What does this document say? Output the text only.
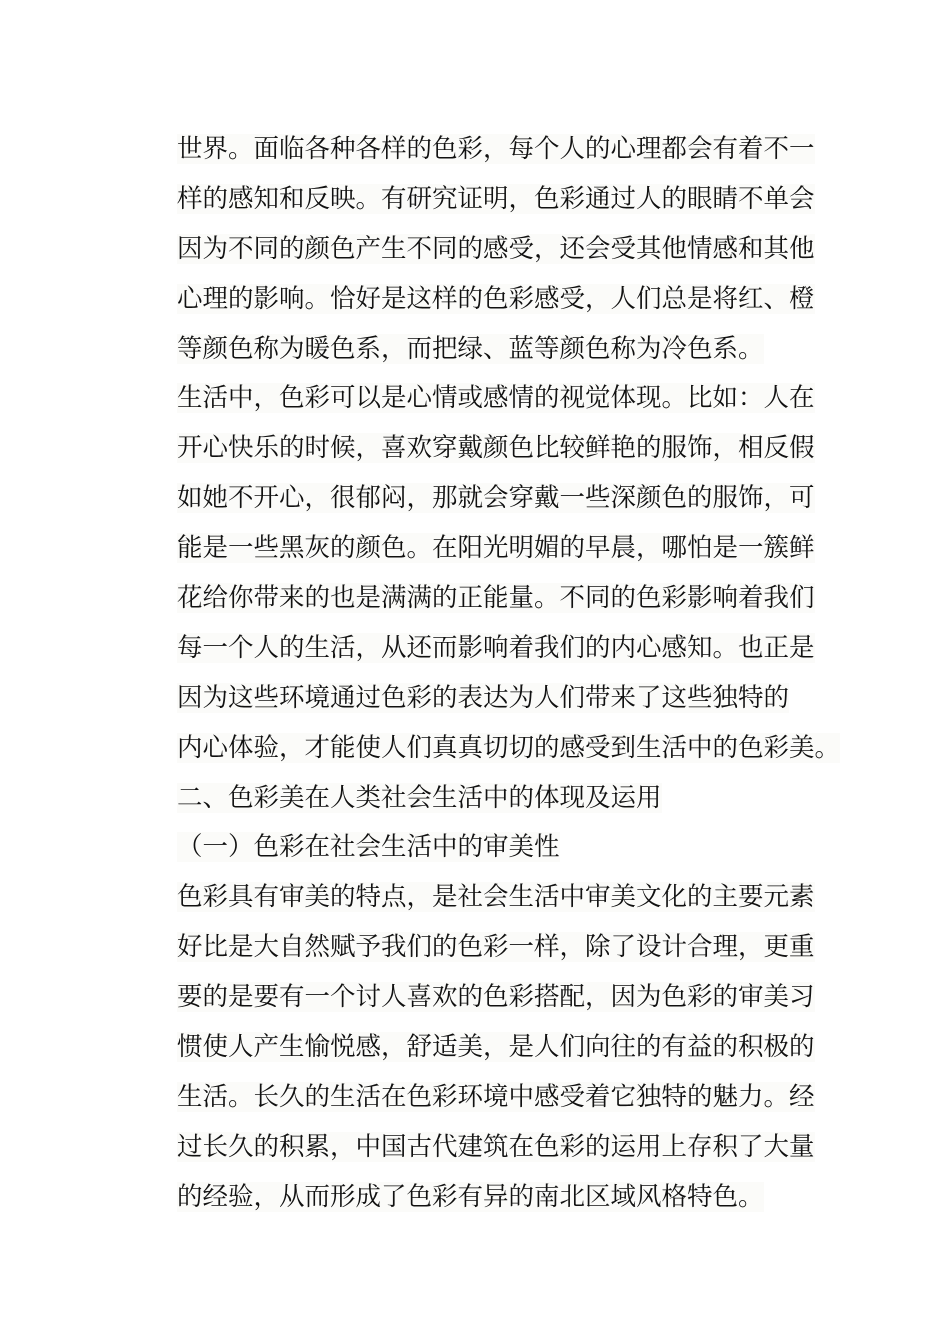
世界。面临各种各样的色彩，每个人的心理都会有着不一
样的感知和反映。有研究证明，色彩通过人的眼睛不单会
因为不同的颜色产生不同的感受，还会受其他情感和其他
心理的影响。恰好是这样的色彩感受，人们总是将红、橙
等颜色称为暖色系，而把绿、蓝等颜色称为冷色系。
生活中，色彩可以是心情或感情的视觉体现。比如：人在
开心快乐的时候，喜欢穿戴颜色比较鲜艳的服饰，相反假
如她不开心，很郁闷，那就会穿戴一些深颜色的服饰，可
能是一些黑灰的颜色。在阳光明媚的早晨，哪怕是一簇鲜
花给你带来的也是满满的正能量。不同的色彩影响着我们
每一个人的生活，从还而影响着我们的内心感知。也正是
因为这些环境通过色彩的表达为人们带来了这些独特的
内心体验，才能使人们真真切切的感受到生活中的色彩美。
二、色彩美在人类社会生活中的体现及运用
（一）色彩在社会生活中的审美性
色彩具有审美的特点，是社会生活中审美文化的主要元素
好比是大自然赋予我们的色彩一样，除了设计合理，更重
要的是要有一个讨人喜欢的色彩搭配，因为色彩的审美习
惯使人产生愉悦感，舒适美，是人们向往的有益的积极的
生活。长久的生活在色彩环境中感受着它独特的魅力。经
过长久的积累，中国古代建筑在色彩的运用上存积了大量
的经验，从而形成了色彩有异的南北区域风格特色。
